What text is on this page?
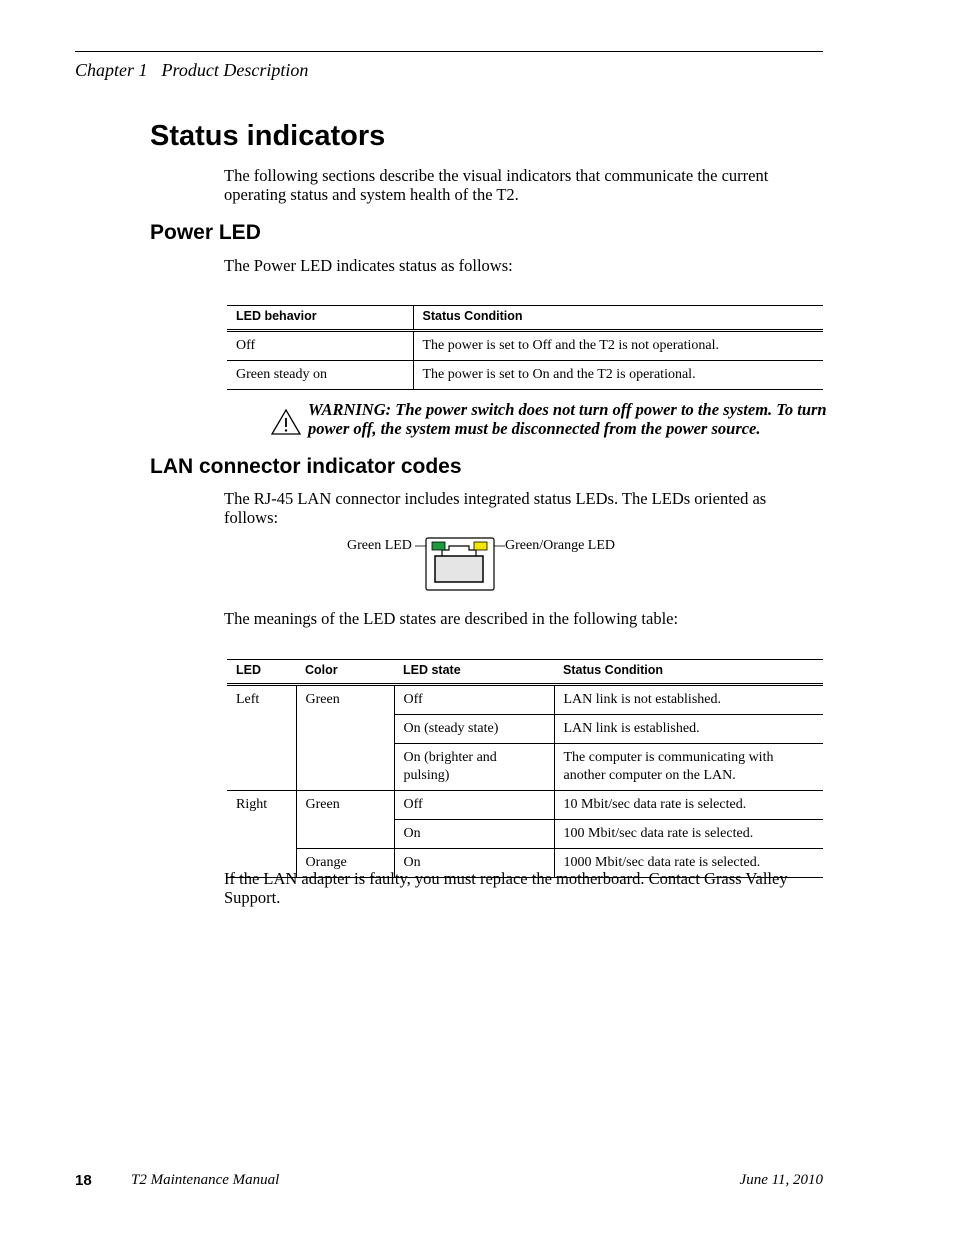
Chapter 1 Product Description
Status indicators

The following sections describe the visual indicators that communicate the current operating status and system health of the T2.

Power LED

The Power LED indicates status as follows:

LED behavior	Status Condition
Off	The power is set to Off and the T2 is not operational.
Green steady on	The power is set to On and the T2 is operational.

WARNING: The power switch does not turn off power to the system. To turn power off, the system must be disconnected from the power source.

LAN connector indicator codes

The RJ-45 LAN connector includes integrated status LEDs. The LEDs oriented as follows:

Green LED	Green/Orange LED

The meanings of the LED states are described in the following table:

LED	Color	LED state	Status Condition
Left	Green	Off	LAN link is not established.
		On (steady state)	LAN link is established.
		On (brighter and pulsing)	The computer is communicating with another computer on the LAN.
Right	Green	Off	10 Mbit/sec data rate is selected.
		On	100 Mbit/sec data rate is selected.
	Orange	On	1000 Mbit/sec data rate is selected.

If the LAN adapter is faulty, you must replace the motherboard. Contact Grass Valley Support.

18	T2 Maintenance Manual	June 11, 2010
